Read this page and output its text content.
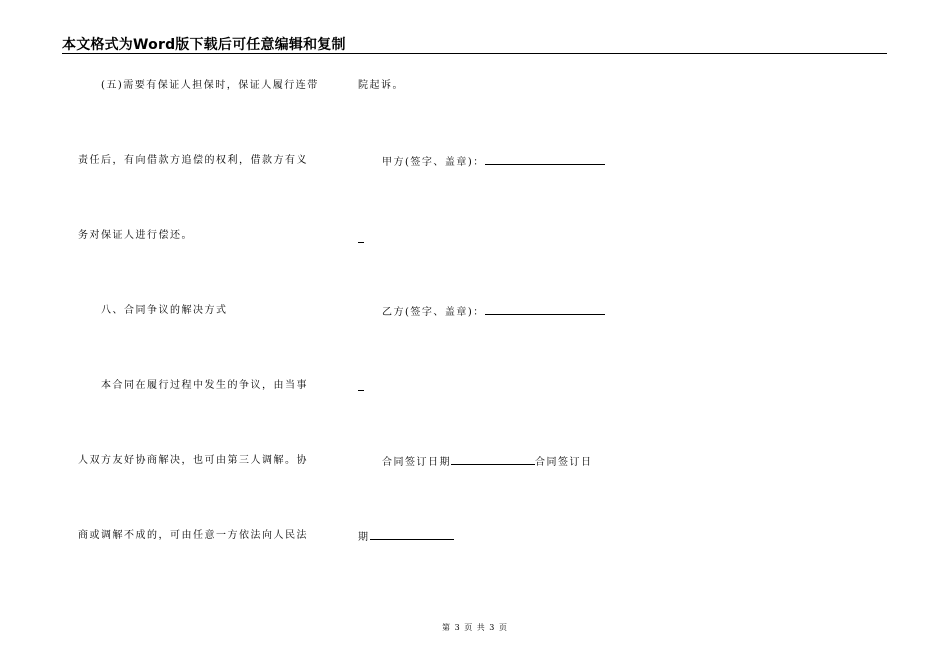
本文格式为Word版下载后可任意编辑和复制
(五)需要有保证人担保时，保证人履行连带
责任后，有向借款方追偿的权利，借款方有义
务对保证人进行偿还。
八、合同争议的解决方式
本合同在履行过程中发生的争议，由当事
人双方友好协商解决，也可由第三人调解。协
商或调解不成的，可由任意一方依法向人民法
院起诉。
甲方(签字、盖章)：
乙方(签字、盖章)：
合同签订日期	合同签订日
期
第 3 页 共 3 页
